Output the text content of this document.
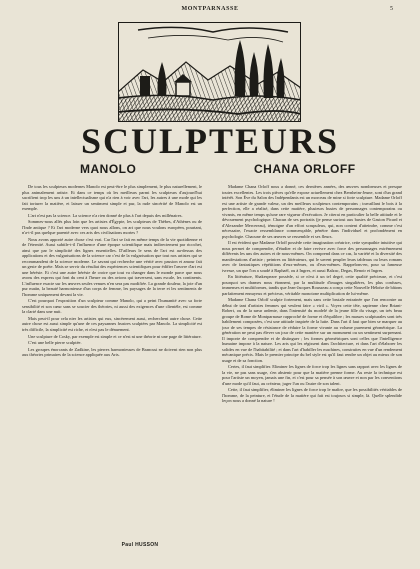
MONTPARNASSE	5
SCULPTEURS
MANOLO	CHANA ORLOFF

De tous les sculpteurs modernes Manolo est peut-être le plus simplement, le plus naturellement, le plus animalement artiste. Et dans ce temps où les meilleurs parmi les sculpteurs d'aujourd'hui sacrifient trop les uns à un intellectualisme qui n'a rien à voir avec l'art, les autres à une mode qui les fait torturer la matière, et laisser un sentiment simple et pur, la rude sincérité de Manolo est un exemple.

L'art n'est pas la science. La science n'a rien donné de plus à l'art depuis des millénaires.

Sommes-nous allés plus loin que les artistes d'Égypte, les sculpteurs de Thèbes, d'Athènes ou de l'Inde antique ? Et l'art moderne vers quoi nous allons, on art que nous voulons européen, pourtant, n'a-t-il pas quelque parenté avec ces arts des civilisations mortes ?

Nous avons apporté autre chose c'est vrai. Car l'art se fait en même temps de la vie quotidienne et de l'éternité. Aussi subtile-t-il l'influence d'une époque scientifique mais indirectement par ricochet, ainsi que par le simplicité des lignes essentielles. D'ailleurs le sens de l'art est au-dessus des applications et des vulgarisations de la science car c'est de la vulgarisation que tout nos artistes qui se recommandent de la science moderne. Le savant qui recherche une vérité avec passion et amour fait un geste de poète. Mais se servir du résultat des expériences scientifiques pour édifier l'œuvre d'art est une hérésie. Et c'est une autre hérésie de croire que tout va changer dans le monde parce que nous avons des express qui font du cent à l'heure ou des avions qui traversent, sans escale, les continents. L'influence exacte sur les œuvres seules venues n'en sera pas modifiée. La grande douleur, la joie d'un pur matin, la beauté harmonieuse d'un corps de femme, les paysages de la terre et les sentiments de l'homme uniquement devant la vie.

C'est pourquoi l'exposition d'un sculpteur comme Manolo, qui a peint l'humanité avec sa forte sensibilité et son cœur sans se soucier des théories, ni aussi des exigences d'une clientèle, est comme la clarté dans une nuit.

Mais peut-il pour cela nier les artistes qui eux, sincèrement aussi, recherchent autre chose. Cette autre chose est aussi simple qu'une de ces paysannes frustres sculptées par Manolo. La simplicité est très difficile, la simplicité est riche, et n'est pas le dénuement.

Une sculpture de Cosky, par exemple est simple et ce n'est ni une théorie ni une page de littérature.

C'est une belle pierre sculptée.

Les groupes énorcants de Zadkine, les pierres harmonieuses de Brancusi ne doivent rien non plus aux théories primaires de la science appliquée aux Arts.

Paul HUSSON

Madame Chana Orloff nous a donné, ces dernières années, des œuvres nombreuses et presque toutes excellentes. Les trois pièces qu'elle expose actuellement chez Bernheim-Jeune, sont d'un grand intérêt. Son Éve du Salon des Indépendants est un morceau de mine si forte sculpture. Madame Orloff est une artiste de grande valeur, un des meilleurs sculpteurs contemporains ; travaillant le bois à la perfection, elle a réalisé, dans cette matière, plusieurs bustes de personnages contemporains ou vivants, en même temps qu'une rare vigueur d'exécution. Je citerai en particulier la belle attitude et le dévouement psychologique. Chacun de ses portraits (je pense surtout aux bustes de Gaston Picard et d'Alexandre Mercereau), témoigne d'un effort scrupuleux, qui, non content d'atteindre, comme c'est nécessaire, l'exacte ressemblance commençable, pénètre dans l'individuel et profondément en psychologie. Chacune de ses œuvres se ressemble et ses fleurs.

Il est évident que Madame Orloff possède cette imagination créatrice, cette sympathie intuitive qui nous permet de comprendre, d'étudier et de faire revivre avec force des personnages extrêmement différents les uns des autres et de nous-mêmes. On comprend dans ce cas, la variété et la diversité des manifestations d'artiste ; peintres ou littérateurs, qui le savent peupler leurs tableaux ou leurs romans avec de fantastiques répétitions d'eux-mêmes, ou d'eux-mêmes. Rappelons-en, pour sa fameuse ivresse, un que l'on a soudé à Raphaël, ou à Ingres, et aussi Balzac, Degas, Renoir et Ingres.

En littérature, Shakespeare possède, si ce n'est à un tel degré, cette qualité précieuse, et c'est pourquoi ses drames nous étonnent, par la multitude d'images singulières, les plus confuses, immenses et multiformes, tandis que Jean-Jacques Rousseau a conçu cette Nouvelle Héloïse de bâtons parfaitement ennuyeux et précieux, véritable monotone multiplication de lui-même.

Madame Chana Orloff sculpte fortement, mais sans cette brutale entrainée que l'on rencontre au début de tant d'artistes femmes qui veulent faire « viril ». Voyez cette tête, sapienne chez Briant-Robert, ou de la sœur ardente, dans l'intensité du modelé de la jeune fille du visage, un très beau groupe de Rome de Montparnasse rapproché de forme et d'équilibre ; les masses sculpturales sont très habilement composées, c'est une attitude inspirée de la lutte. Dans l'art il faut que bien se marquer au jour de ses tempes de résistance de réduire la forme vivante au volume purement géométrique. La génération ne peut pas élever un jour de cette manière sur un monument ou un sentiment surprenant. Il importe de comprendre et de distinguer ; les formes géométriques sont celles que l'intelligence humaine impose à la nature. Les arts qui les régissent dans l'architecture, et dans l'art d'élaborer les solides en vue de l'habitabilité ; et dans l'art d'habiller les machines, construites en vue d'un rendement mécanique précis. Mais le premier principe du bel style est qu'il faut rendre un objet au mieux de son usage et de sa fonction.

Certes, il faut simplifier. Eliminer les lignes de force trop les lignes sans rapport avec les lignes de la vie, ne pas sans usage, s'en abstenir pour que la matière prenne forme. Au reste la technique est pour l'artiste un moyen, jamais une fin, et c'est pour sa pensée à son œuvre et non par les conventions d'une mode qu'il faut, au créateur, juger l'un ou l'autre de son talent.

Cette, il faut simplifier, éliminer les lignes de force trop le maître, que les possibilités véritables de l'homme, de la peinture, et l'étude de la matière qui fait est toujours si simple, là. Quelle splendide leçon nous a donné la nature !
